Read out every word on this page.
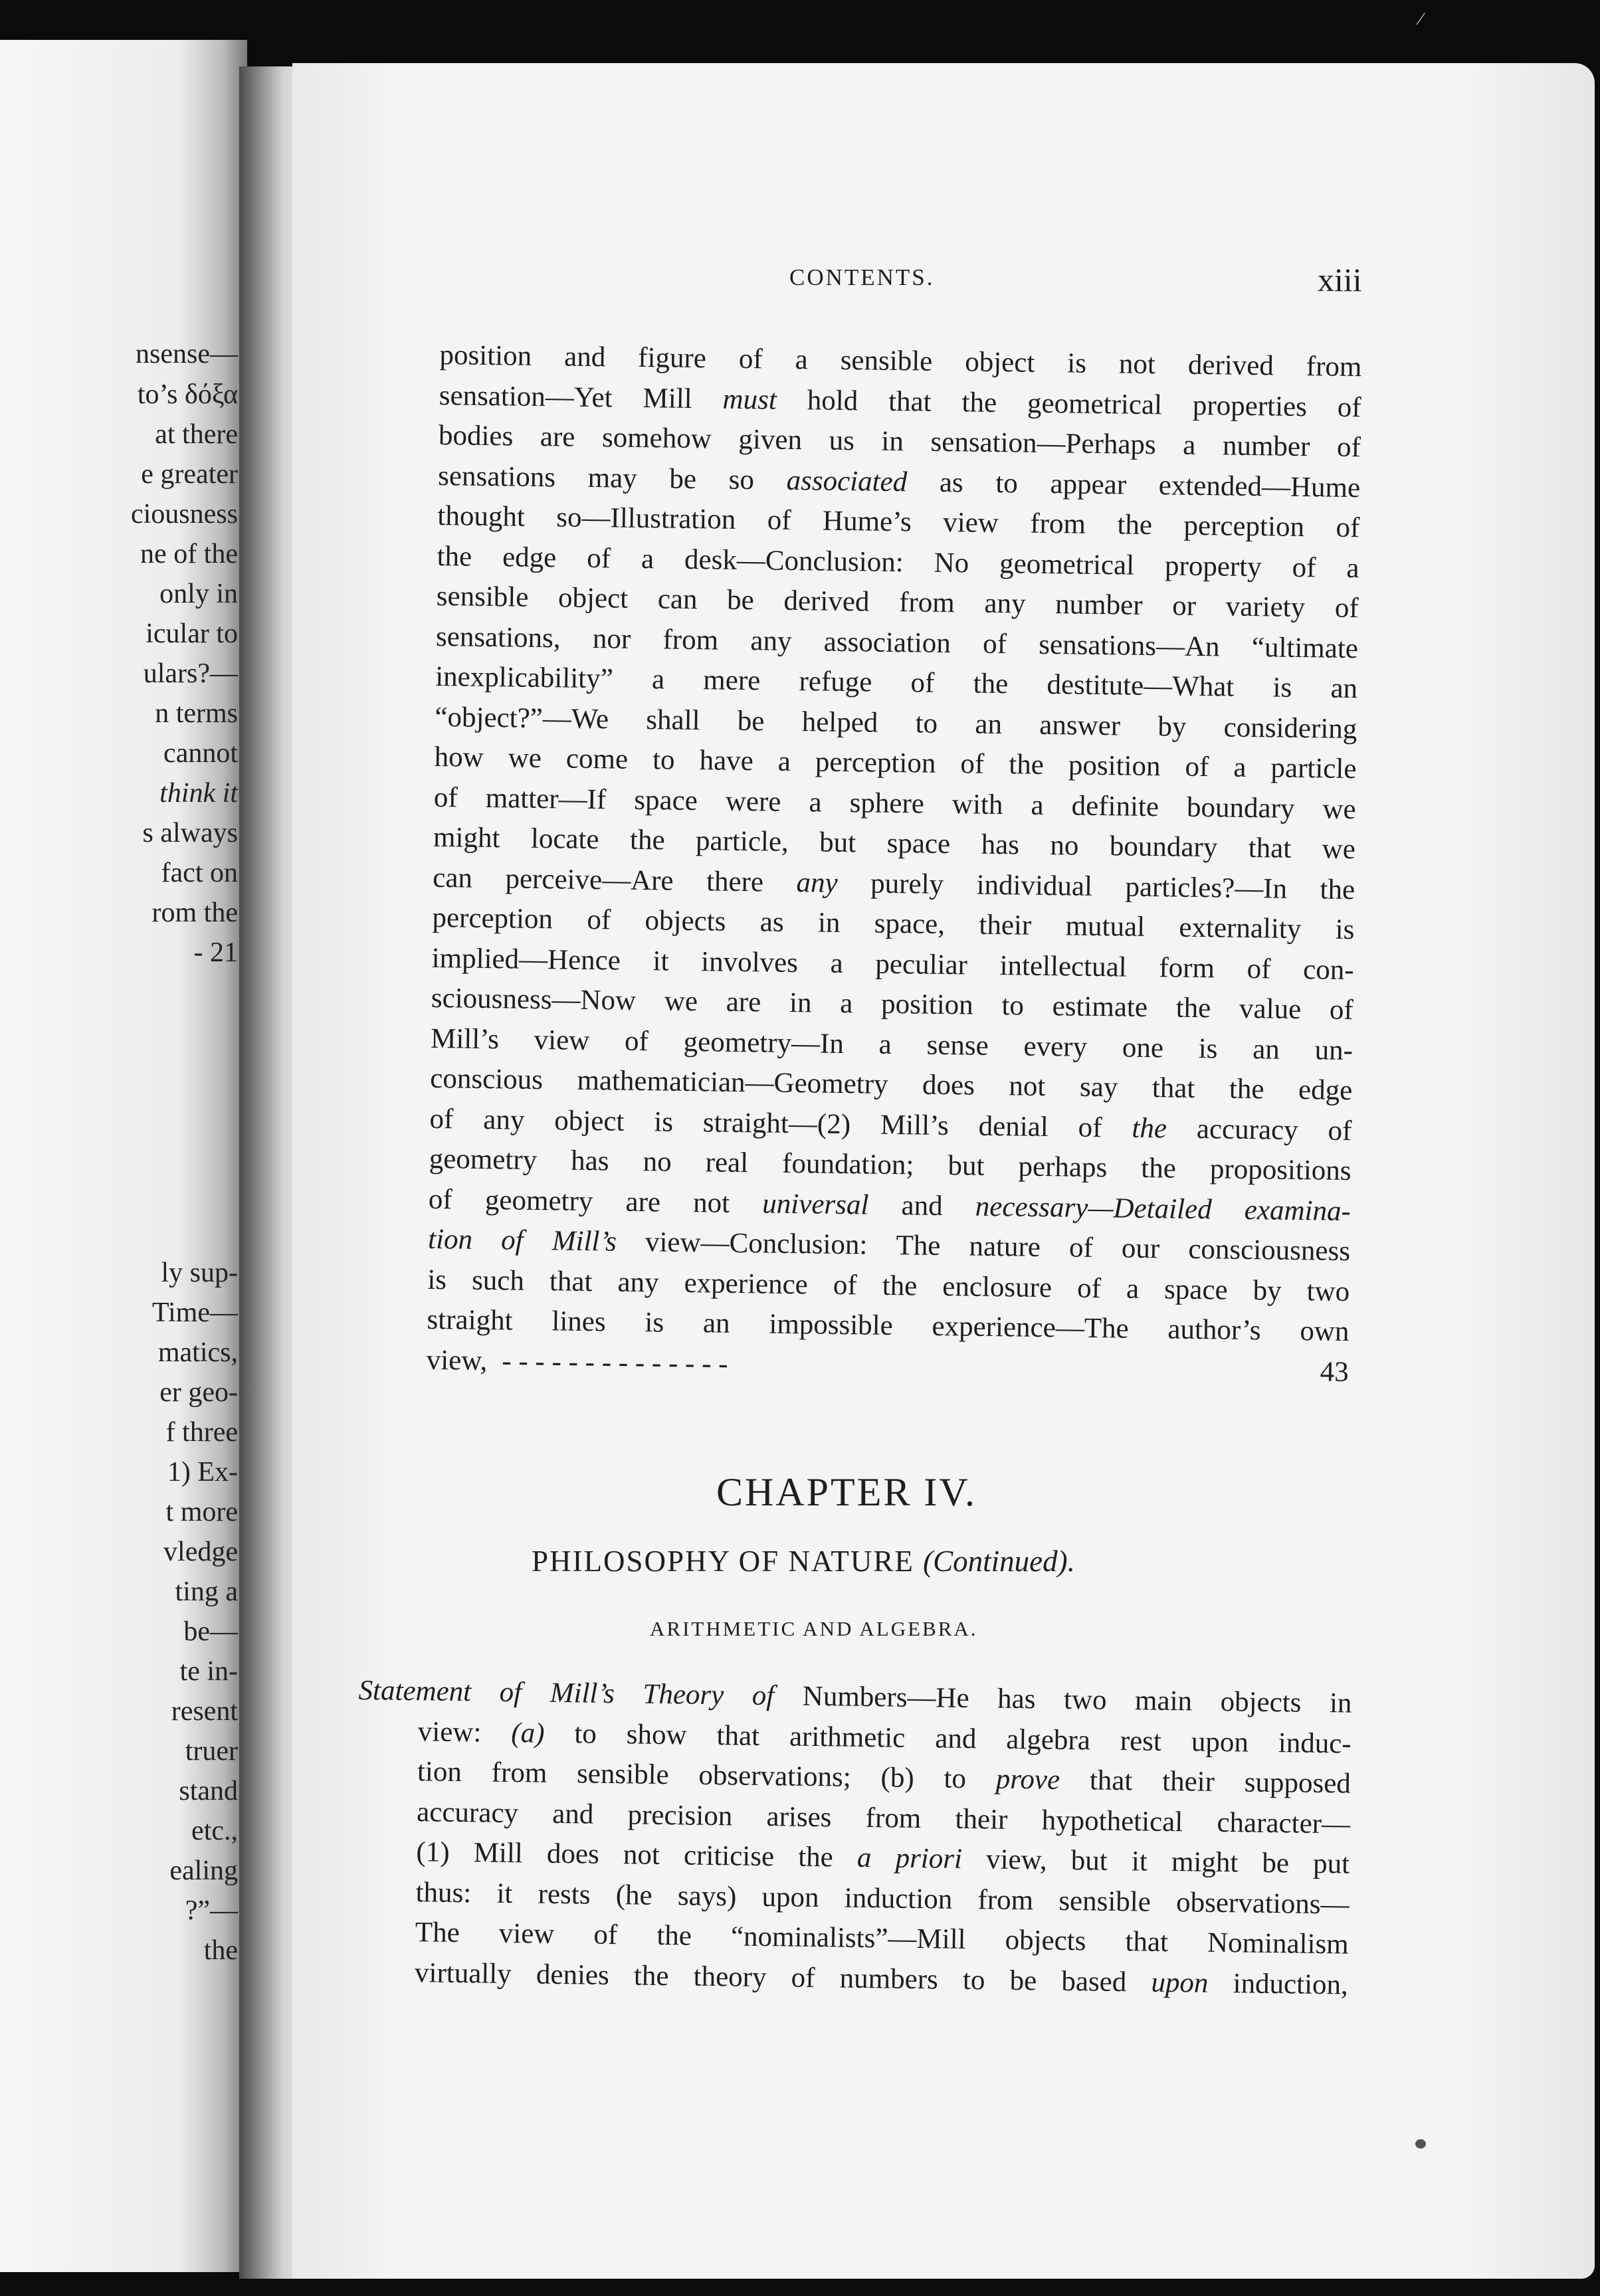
nsense—
to’s δόξα
at there
e greater
ciousness
ne of the
only in
icular to
ulars?—
n terms
cannot
think it
s always
fact on
rom the
- 21
ly sup-
Time—
matics,
er geo-
f three
1) Ex-
t more
vledge
ting a
be—
te in-
resent
truer
stand
etc.,
ealing
?”—
the
⁄
CONTENTS.	xiii
position and figure of a sensible object is not derived from
sensation—Yet Mill must hold that the geometrical properties of
bodies are somehow given us in sensation—Perhaps a number of
sensations may be so associated as to appear extended—Hume
thought so—Illustration of Hume’s view from the perception of
the edge of a desk—Conclusion: No geometrical property of a
sensible object can be derived from any number or variety of
sensations, nor from any association of sensations—An “ultimate
inexplicability” a mere refuge of the destitute—What is an
“object?”—We shall be helped to an answer by considering
how we come to have a perception of the position of a particle
of matter—If space were a sphere with a definite boundary we
might locate the particle, but space has no boundary that we
can perceive—Are there any purely individual particles?—In the
perception of objects as in space, their mutual externality is
implied—Hence it involves a peculiar intellectual form of con-
sciousness—Now we are in a position to estimate the value of
Mill’s view of geometry—In a sense every one is an un-
conscious mathematician—Geometry does not say that the edge
of any object is straight—(2) Mill’s denial of the accuracy of
geometry has no real foundation; but perhaps the propositions
of geometry are not universal and necessary—Detailed examina-
tion of Mill’s view—Conclusion: The nature of our consciousness
is such that any experience of the enclosure of a space by two
straight lines is an impossible experience—The author’s own
view, - - - - - - - - - - - - - -	43
CHAPTER IV.
PHILOSOPHY OF NATURE (Continued).
ARITHMETIC AND ALGEBRA.
Statement of Mill’s Theory of Numbers—He has two main objects in
view: (a) to show that arithmetic and algebra rest upon induc-
tion from sensible observations; (b) to prove that their supposed
accuracy and precision arises from their hypothetical character—
(1) Mill does not criticise the a priori view, but it might be put
thus: it rests (he says) upon induction from sensible observations—
The view of the “nominalists”—Mill objects that Nominalism
virtually denies the theory of numbers to be based upon induction,
